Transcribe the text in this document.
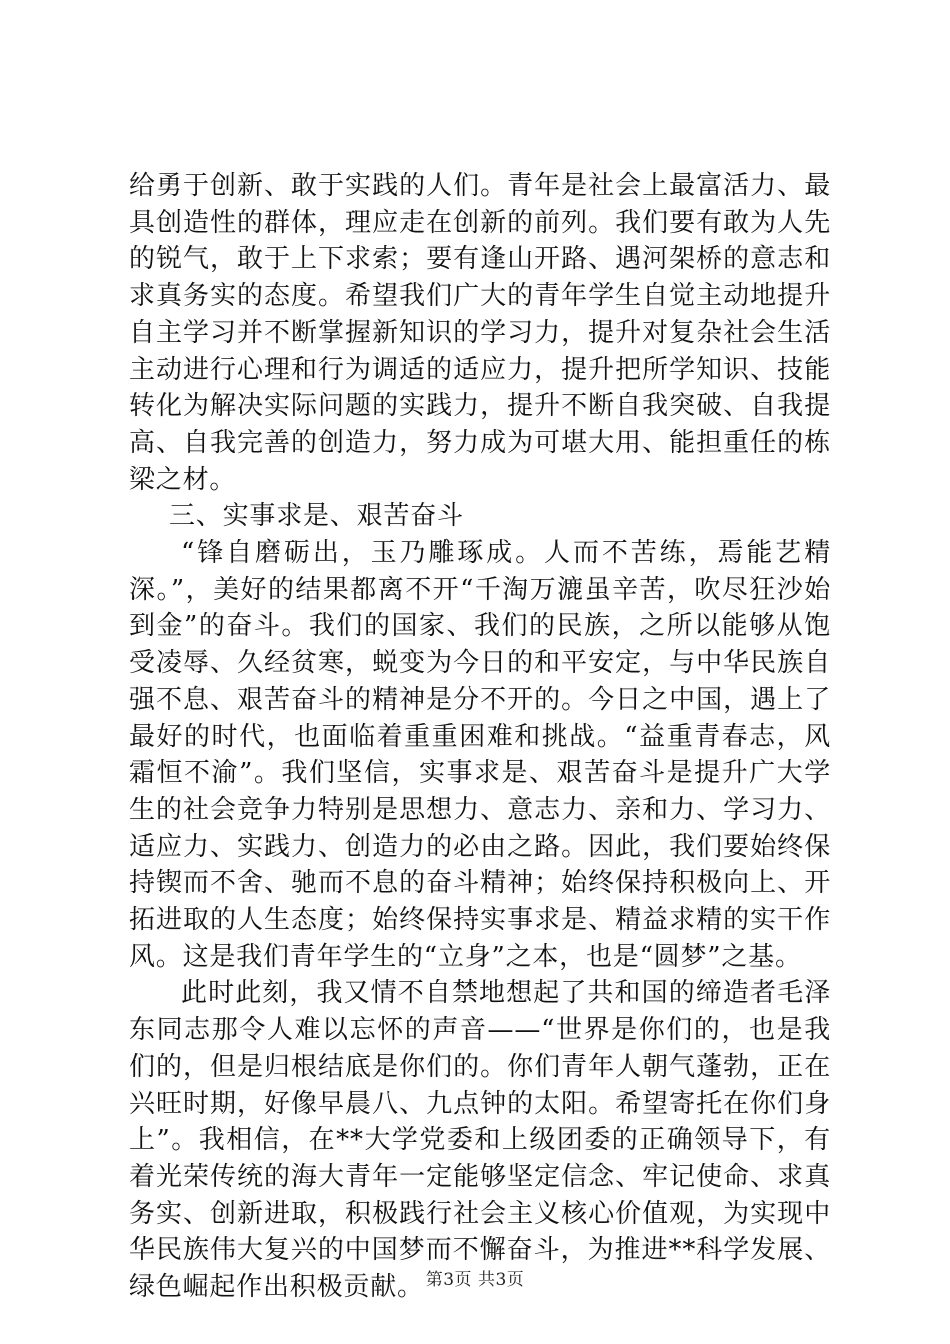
给勇于创新、敢于实践的人们。青年是社会上最富活力、最具创造性的群体，理应走在创新的前列。我们要有敢为人先的锐气，敢于上下求索；要有逢山开路、遇河架桥的意志和求真务实的态度。希望我们广大的青年学生自觉主动地提升自主学习并不断掌握新知识的学习力，提升对复杂社会生活主动进行心理和行为调适的适应力，提升把所学知识、技能转化为解决实际问题的实践力，提升不断自我突破、自我提高、自我完善的创造力，努力成为可堪大用、能担重任的栋梁之材。

三、实事求是、艰苦奋斗

“锋自磨砺出，玉乃雕琢成。人而不苦练，焉能艺精深。”，美好的结果都离不开“千淘万漉虽辛苦，吹尽狂沙始到金”的奋斗。我们的国家、我们的民族，之所以能够从饱受凌辱、久经贫寒，蜕变为今日的和平安定，与中华民族自强不息、艰苦奋斗的精神是分不开的。今日之中国，遇上了最好的时代，也面临着重重困难和挑战。“益重青春志，风霜恒不渝”。我们坚信，实事求是、艰苦奋斗是提升广大学生的社会竞争力特别是思想力、意志力、亲和力、学习力、适应力、实践力、创造力的必由之路。因此，我们要始终保持锲而不舍、驰而不息的奋斗精神；始终保持积极向上、开拓进取的人生态度；始终保持实事求是、精益求精的实干作风。这是我们青年学生的“立身”之本，也是“圆梦”之基。

此时此刻，我又情不自禁地想起了共和国的缔造者毛泽东同志那令人难以忘怀的声音——“世界是你们的，也是我们的，但是归根结底是你们的。你们青年人朝气蓬勃，正在兴旺时期，好像早晨八、九点钟的太阳。希望寄托在你们身上”。我相信，在**大学党委和上级团委的正确领导下，有着光荣传统的海大青年一定能够坚定信念、牢记使命、求真务实、创新进取，积极践行社会主义核心价值观，为实现中华民族伟大复兴的中国梦而不懈奋斗，为推进**科学发展、绿色崛起作出积极贡献。 第3页 共3页
